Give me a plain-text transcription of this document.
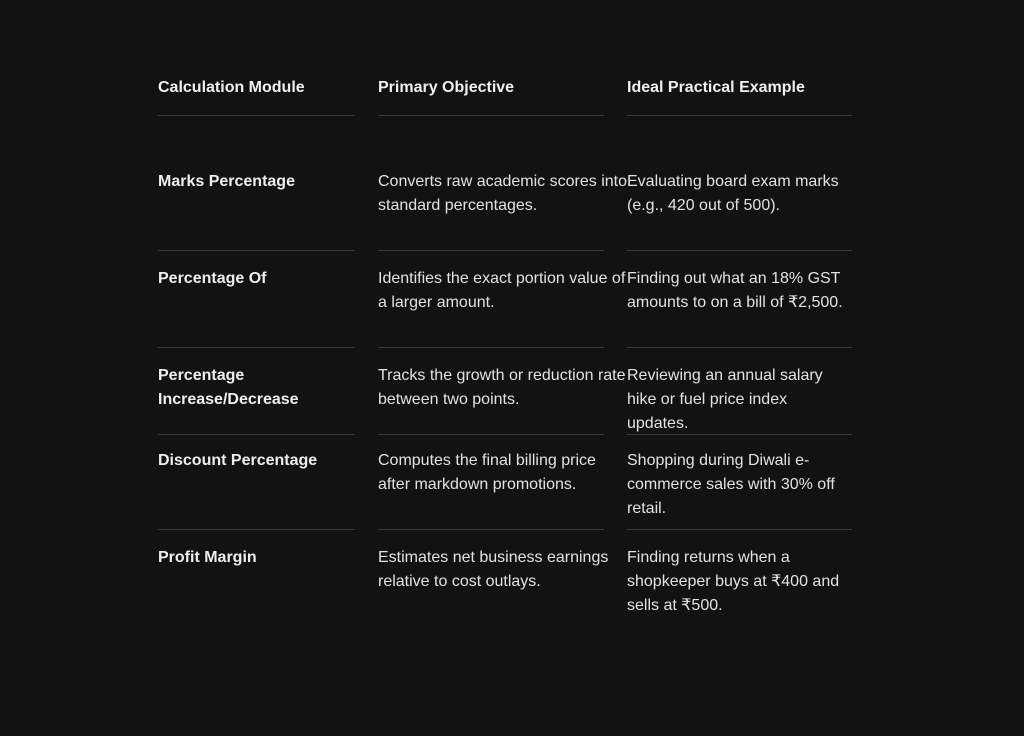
Calculation Module	Primary Objective	Ideal Practical Example

Marks Percentage	Converts raw academic scores into standard percentages.	Evaluating board exam marks (e.g., 420 out of 500).

Percentage Of	Identifies the exact portion value of a larger amount.	Finding out what an 18% GST amounts to on a bill of ₹2,500.

Percentage Increase/Decrease	Tracks the growth or reduction rate between two points.	Reviewing an annual salary hike or fuel price index updates.

Discount Percentage	Computes the final billing price after markdown promotions.	Shopping during Diwali e-commerce sales with 30% off retail.

Profit Margin	Estimates net business earnings relative to cost outlays.	Finding returns when a shopkeeper buys at ₹400 and sells at ₹500.
